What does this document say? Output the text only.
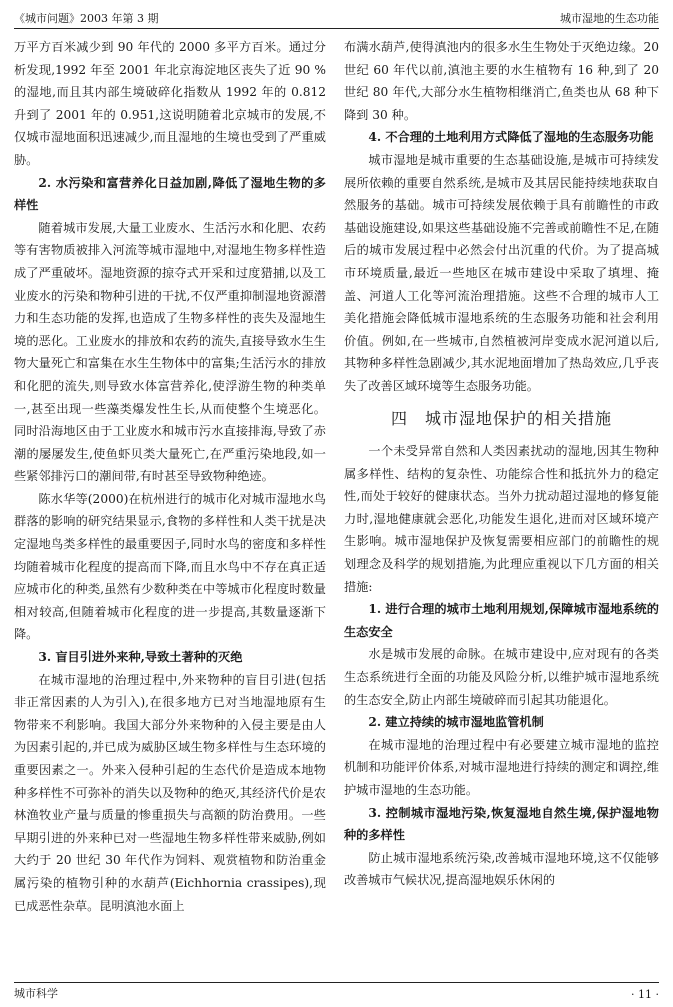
《城市问题》2003 年第 3 期	城市湿地的生态功能

万平方百米减少到 90 年代的 2000 多平方百米。通过分析发现,1992 年至 2001 年北京海淀地区丧失了近 90 %的湿地,而且其内部生境破碎化指数从 1992 年的 0.812 升到了 2001 年的 0.951,这说明随着北京城市的发展,不仅城市湿地面积迅速减少,而且湿地的生境也受到了严重威胁。

2. 水污染和富营养化日益加剧,降低了湿地生物的多样性

随着城市发展,大量工业废水、生活污水和化肥、农药等有害物质被排入河流等城市湿地中,对湿地生物多样性造成了严重破坏。湿地资源的掠夺式开采和过度猎捕,以及工业废水的污染和物种引进的干扰,不仅严重抑制湿地资源潜力和生态功能的发挥,也造成了生物多样性的丧失及湿地生境的恶化。工业废水的排放和农药的流失,直接导致水生生物大量死亡和富集在水生生物体中的富集;生活污水的排放和化肥的流失,则导致水体富营养化,使浮游生物的种类单一,甚至出现一些藻类爆发性生长,从而使整个生境恶化。同时沿海地区由于工业废水和城市污水直接排海,导致了赤潮的屡屡发生,使鱼虾贝类大量死亡,在严重污染地段,如一些紧邻排污口的潮间带,有时甚至导致物种绝迹。

陈水华等(2000)在杭州进行的城市化对城市湿地水鸟群落的影响的研究结果显示,食物的多样性和人类干扰是决定湿地鸟类多样性的最重要因子,同时水鸟的密度和多样性均随着城市化程度的提高而下降,而且水鸟中不存在真正适应城市化的种类,虽然有少数种类在中等城市化程度时数量相对较高,但随着城市化程度的进一步提高,其数量逐渐下降。

3. 盲目引进外来种,导致土著种的灭绝

在城市湿地的治理过程中,外来物种的盲目引进(包括非正常因素的人为引入),在很多地方已对当地湿地原有生物带来不利影响。我国大部分外来物种的入侵主要是由人为因素引起的,并已成为威胁区域生物多样性与生态环境的重要因素之一。外来入侵种引起的生态代价是造成本地物种多样性不可弥补的消失以及物种的绝灭,其经济代价是农林渔牧业产量与质量的惨重损失与高额的防治费用。一些早期引进的外来种已对一些湿地生物多样性带来威胁,例如大约于 20 世纪 30 年代作为饲料、观赏植物和防治重金属污染的植物引种的水葫芦(Eichhornia crassipes),现已成恶性杂草。昆明滇池水面上

布满水葫芦,使得滇池内的很多水生生物处于灭绝边缘。20 世纪 60 年代以前,滇池主要的水生植物有 16 种,到了 20 世纪 80 年代,大部分水生植物相继消亡,鱼类也从 68 种下降到 30 种。

4. 不合理的土地利用方式降低了湿地的生态服务功能

城市湿地是城市重要的生态基础设施,是城市可持续发展所依赖的重要自然系统,是城市及其居民能持续地获取自然服务的基础。城市可持续发展依赖于具有前瞻性的市政基础设施建设,如果这些基础设施不完善或前瞻性不足,在随后的城市发展过程中必然会付出沉重的代价。为了提高城市环境质量,最近一些地区在城市建设中采取了填埋、掩盖、河道人工化等河流治理措施。这些不合理的城市人工美化措施会降低城市湿地系统的生态服务功能和社会利用价值。例如,在一些城市,自然植被河岸变成水泥河道以后,其物种多样性急剧减少,其水泥地面增加了热岛效应,几乎丧失了改善区域环境等生态服务功能。

四　城市湿地保护的相关措施

一个未受异常自然和人类因素扰动的湿地,因其生物种属多样性、结构的复杂性、功能综合性和抵抗外力的稳定性,而处于较好的健康状态。当外力扰动超过湿地的修复能力时,湿地健康就会恶化,功能发生退化,进而对区域环境产生影响。城市湿地保护及恢复需要相应部门的前瞻性的规划理念及科学的规划措施,为此理应重视以下几方面的相关措施:

1. 进行合理的城市土地利用规划,保障城市湿地系统的生态安全

水是城市发展的命脉。在城市建设中,应对现有的各类生态系统进行全面的功能及风险分析,以维护城市湿地系统的生态安全,防止内部生境破碎而引起其功能退化。

2. 建立持续的城市湿地监管机制

在城市湿地的治理过程中有必要建立城市湿地的监控机制和功能评价体系,对城市湿地进行持续的测定和调控,维护城市湿地的生态功能。

3. 控制城市湿地污染,恢复湿地自然生境,保护湿地物种的多样性

防止城市湿地系统污染,改善城市湿地环境,这不仅能够改善城市气候状况,提高湿地娱乐休闲的

城市科学	· 11 ·
